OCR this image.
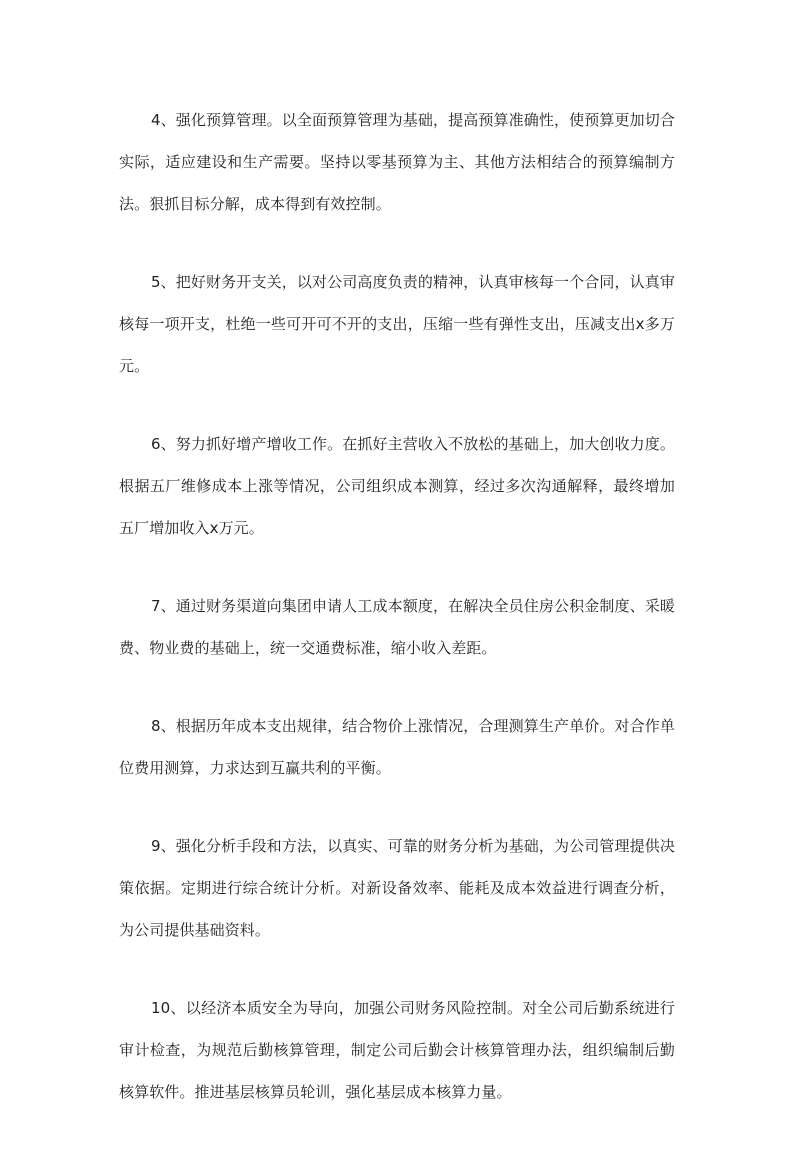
4、强化预算管理。以全面预算管理为基础，提高预算准确性，使预算更加切合实际，适应建设和生产需要。坚持以零基预算为主、其他方法相结合的预算编制方法。狠抓目标分解，成本得到有效控制。

5、把好财务开支关，以对公司高度负责的精神，认真审核每一个合同，认真审核每一项开支，杜绝一些可开可不开的支出，压缩一些有弹性支出，压减支出x多万元。

6、努力抓好增产增收工作。在抓好主营收入不放松的基础上，加大创收力度。根据五厂维修成本上涨等情况，公司组织成本测算，经过多次沟通解释，最终增加五厂增加收入x万元。

7、通过财务渠道向集团申请人工成本额度，在解决全员住房公积金制度、采暖费、物业费的基础上，统一交通费标准，缩小收入差距。

8、根据历年成本支出规律，结合物价上涨情况，合理测算生产单价。对合作单位费用测算，力求达到互赢共利的平衡。

9、强化分析手段和方法，以真实、可靠的财务分析为基础，为公司管理提供决策依据。定期进行综合统计分析。对新设备效率、能耗及成本效益进行调查分析，为公司提供基础资料。

10、以经济本质安全为导向，加强公司财务风险控制。对全公司后勤系统进行审计检查，为规范后勤核算管理，制定公司后勤会计核算管理办法，组织编制后勤核算软件。推进基层核算员轮训，强化基层成本核算力量。
